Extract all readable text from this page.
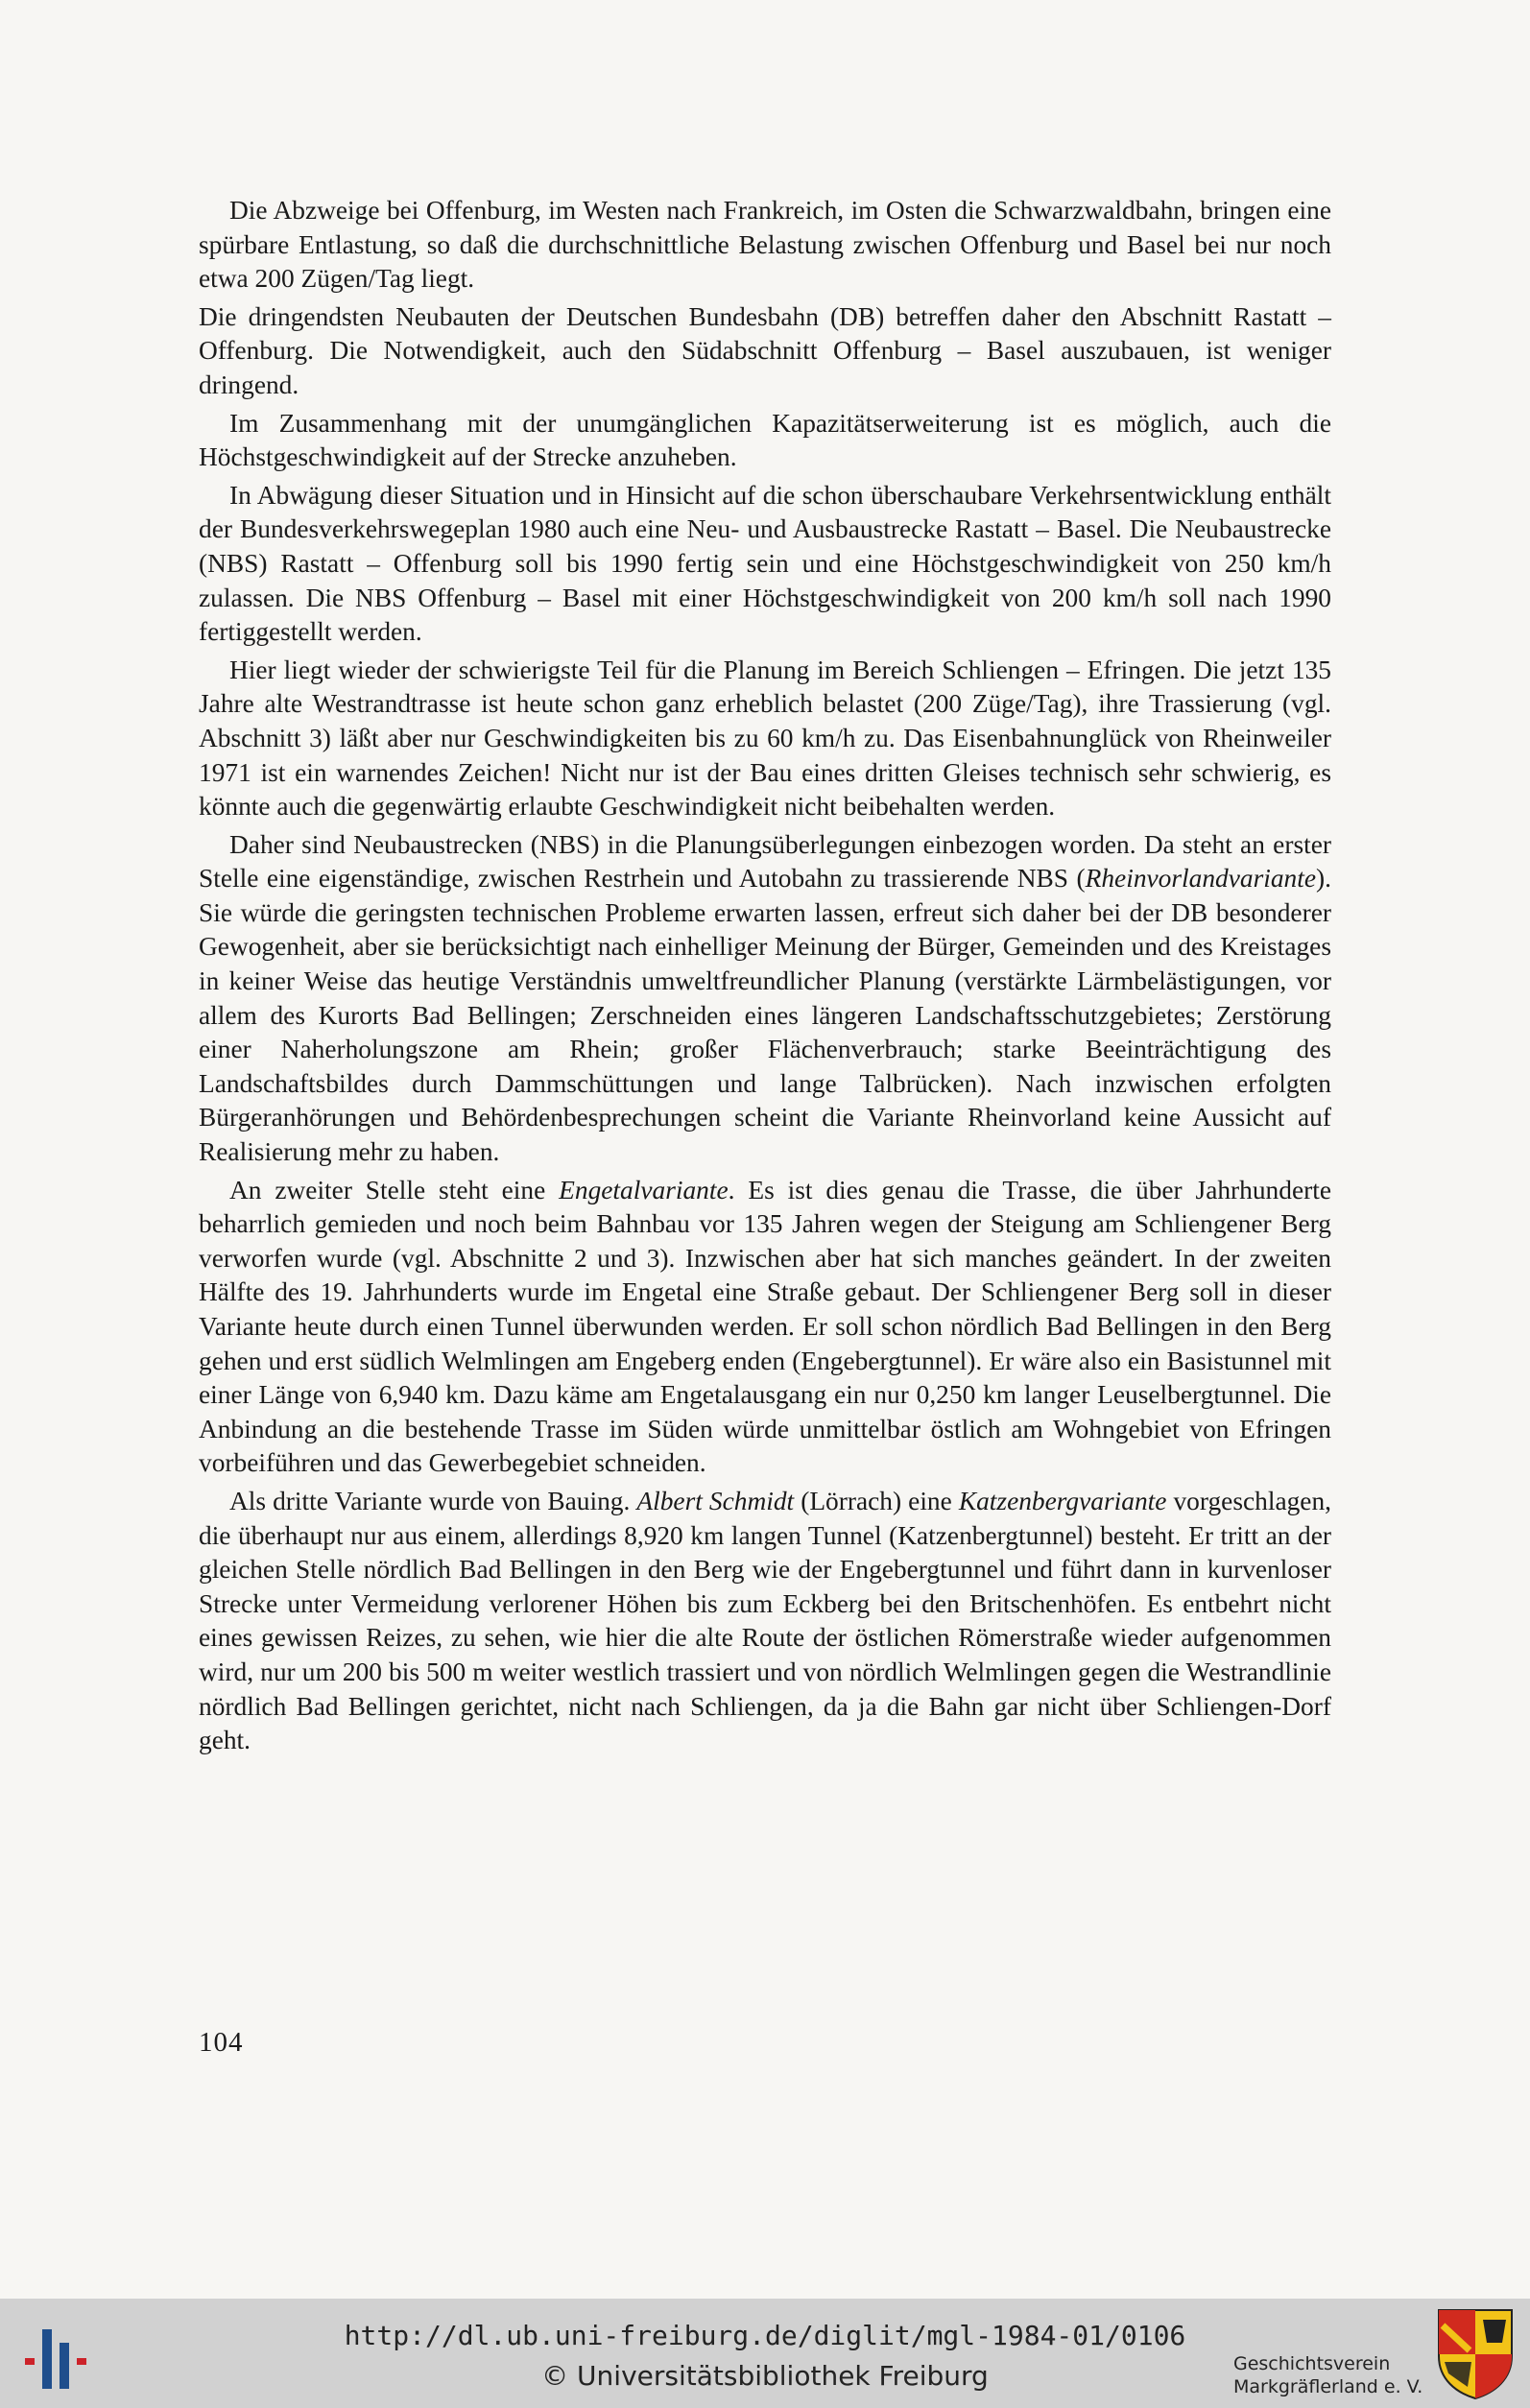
Die Abzweige bei Offenburg, im Westen nach Frankreich, im Osten die Schwarzwaldbahn, bringen eine spürbare Entlastung, so daß die durchschnittliche Belastung zwischen Offenburg und Basel bei nur noch etwa 200 Zügen/Tag liegt.

Die dringendsten Neubauten der Deutschen Bundesbahn (DB) betreffen daher den Abschnitt Rastatt – Offenburg. Die Notwendigkeit, auch den Südabschnitt Offenburg – Basel auszubauen, ist weniger dringend.

Im Zusammenhang mit der unumgänglichen Kapazitätserweiterung ist es möglich, auch die Höchstgeschwindigkeit auf der Strecke anzuheben.

In Abwägung dieser Situation und in Hinsicht auf die schon überschaubare Verkehrsentwicklung enthält der Bundesverkehrswegeplan 1980 auch eine Neu- und Ausbaustrecke Rastatt – Basel. Die Neubaustrecke (NBS) Rastatt – Offenburg soll bis 1990 fertig sein und eine Höchstgeschwindigkeit von 250 km/h zulassen. Die NBS Offenburg – Basel mit einer Höchstgeschwindigkeit von 200 km/h soll nach 1990 fertiggestellt werden.

Hier liegt wieder der schwierigste Teil für die Planung im Bereich Schliengen – Efringen. Die jetzt 135 Jahre alte Westrandtrasse ist heute schon ganz erheblich belastet (200 Züge/Tag), ihre Trassierung (vgl. Abschnitt 3) läßt aber nur Geschwindigkeiten bis zu 60 km/h zu. Das Eisenbahnunglück von Rheinweiler 1971 ist ein warnendes Zeichen! Nicht nur ist der Bau eines dritten Gleises technisch sehr schwierig, es könnte auch die gegenwärtig erlaubte Geschwindigkeit nicht beibehalten werden.

Daher sind Neubaustrecken (NBS) in die Planungsüberlegungen einbezogen worden. Da steht an erster Stelle eine eigenständige, zwischen Restrhein und Autobahn zu trassierende NBS (Rheinvorlandvariante). Sie würde die geringsten technischen Probleme erwarten lassen, erfreut sich daher bei der DB besonderer Gewogenheit, aber sie berücksichtigt nach einhelliger Meinung der Bürger, Gemeinden und des Kreistages in keiner Weise das heutige Verständnis umweltfreundlicher Planung (verstärkte Lärmbelästigungen, vor allem des Kurorts Bad Bellingen; Zerschneiden eines längeren Landschaftsschutzgebietes; Zerstörung einer Naherholungszone am Rhein; großer Flächenverbrauch; starke Beeinträchtigung des Landschaftsbildes durch Dammschüttungen und lange Talbrücken). Nach inzwischen erfolgten Bürgeranhörungen und Behördenbesprechungen scheint die Variante Rheinvorland keine Aussicht auf Realisierung mehr zu haben.

An zweiter Stelle steht eine Engetalvariante. Es ist dies genau die Trasse, die über Jahrhunderte beharrlich gemieden und noch beim Bahnbau vor 135 Jahren wegen der Steigung am Schliengener Berg verworfen wurde (vgl. Abschnitte 2 und 3). Inzwischen aber hat sich manches geändert. In der zweiten Hälfte des 19. Jahrhunderts wurde im Engetal eine Straße gebaut. Der Schliengener Berg soll in dieser Variante heute durch einen Tunnel überwunden werden. Er soll schon nördlich Bad Bellingen in den Berg gehen und erst südlich Welmlingen am Engeberg enden (Engebergtunnel). Er wäre also ein Basistunnel mit einer Länge von 6,940 km. Dazu käme am Engetalausgang ein nur 0,250 km langer Leuselbergtunnel. Die Anbindung an die bestehende Trasse im Süden würde unmittelbar östlich am Wohngebiet von Efringen vorbeiführen und das Gewerbegebiet schneiden.

Als dritte Variante wurde von Bauing. Albert Schmidt (Lörrach) eine Katzenbergvariante vorgeschlagen, die überhaupt nur aus einem, allerdings 8,920 km langen Tunnel (Katzenbergtunnel) besteht. Er tritt an der gleichen Stelle nördlich Bad Bellingen in den Berg wie der Engebergtunnel und führt dann in kurvenloser Strecke unter Vermeidung verlorener Höhen bis zum Eckberg bei den Britschenhöfen. Es entbehrt nicht eines gewissen Reizes, zu sehen, wie hier die alte Route der östlichen Römerstraße wieder aufgenommen wird, nur um 200 bis 500 m weiter westlich trassiert und von nördlich Welmlingen gegen die Westrandlinie nördlich Bad Bellingen gerichtet, nicht nach Schliengen, da ja die Bahn gar nicht über Schliengen-Dorf geht.

104
http://dl.ub.uni-freiburg.de/diglit/mgl-1984-01/0106
© Universitätsbibliothek Freiburg	Geschichtsverein
Markgräflerland e. V.
